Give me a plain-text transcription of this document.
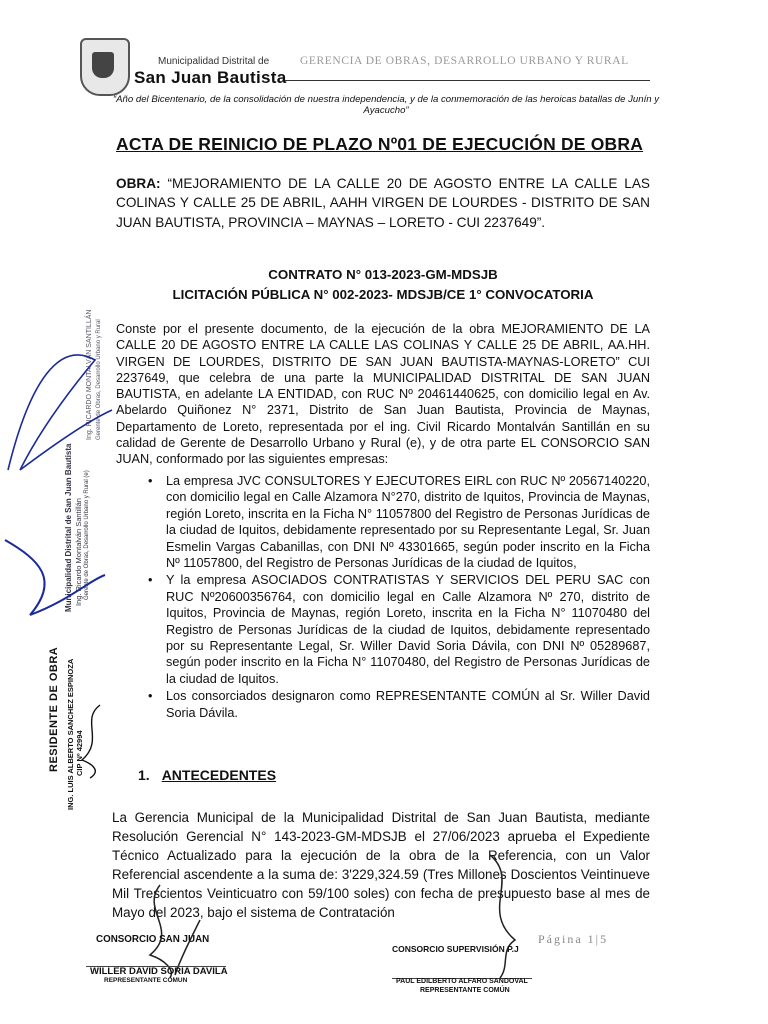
Municipalidad Distrital de
San Juan Bautista
GERENCIA DE OBRAS, DESARROLLO URBANO Y RURAL
“Año del Bicentenario, de la consolidación de nuestra independencia, y de la conmemoración de las heroicas batallas de Junín y Ayacucho”
ACTA DE REINICIO DE PLAZO Nº01 DE EJECUCIÓN DE OBRA
OBRA: “MEJORAMIENTO DE LA CALLE 20 DE AGOSTO ENTRE LA CALLE LAS COLINAS Y CALLE 25 DE ABRIL, AAHH VIRGEN DE LOURDES - DISTRITO DE SAN JUAN BAUTISTA, PROVINCIA – MAYNAS – LORETO - CUI 2237649”.
CONTRATO N° 013-2023-GM-MDSJB
LICITACIÓN PÚBLICA N° 002-2023- MDSJB/CE 1° CONVOCATORIA
Conste por el presente documento, de la ejecución de la obra MEJORAMIENTO DE LA CALLE 20 DE AGOSTO ENTRE LA CALLE LAS COLINAS Y CALLE 25 DE ABRIL, AA.HH. VIRGEN DE LOURDES, DISTRITO DE SAN JUAN BAUTISTA-MAYNAS-LORETO” CUI 2237649, que celebra de una parte la MUNICIPALIDAD DISTRITAL DE SAN JUAN BAUTISTA, en adelante LA ENTIDAD, con RUC Nº 20461440625, con domicilio legal en Av. Abelardo Quiñonez N° 2371, Distrito de San Juan Bautista, Provincia de Maynas, Departamento de Loreto, representada por el ing. Civil Ricardo Montalván Santillán en su calidad de Gerente de Desarrollo Urbano y Rural (e), y de otra parte EL CONSORCIO SAN JUAN, conformado por las siguientes empresas:
• La empresa JVC CONSULTORES Y EJECUTORES EIRL con RUC Nº 20567140220, con domicilio legal en Calle Alzamora N°270, distrito de Iquitos, Provincia de Maynas, región Loreto, inscrita en la Ficha N° 11057800 del Registro de Personas Jurídicas de la ciudad de Iquitos, debidamente representado por su Representante Legal, Sr. Juan Esmelin Vargas Cabanillas, con DNI Nº 43301665, según poder inscrito en la Ficha Nº 11057800, del Registro de Personas Jurídicas de la ciudad de Iquitos,
• Y la empresa ASOCIADOS CONTRATISTAS Y SERVICIOS DEL PERU SAC con RUC Nº20600356764, con domicilio legal en Calle Alzamora Nº 270, distrito de Iquitos, Provincia de Maynas, región Loreto, inscrita en la Ficha N° 11070480 del Registro de Personas Jurídicas de la ciudad de Iquitos, debidamente representado por su Representante Legal, Sr. Willer David Soria Dávila, con DNI Nº 05289687, según poder inscrito en la Ficha N° 11070480, del Registro de Personas Jurídicas de la ciudad de Iquitos.
• Los consorciados designaron como REPRESENTANTE COMÚN al Sr. Willer David Soria Dávila.
1. ANTECEDENTES
La Gerencia Municipal de la Municipalidad Distrital de San Juan Bautista, mediante Resolución Gerencial N° 143-2023-GM-MDSJB el 27/06/2023 aprueba el Expediente Técnico Actualizado para la ejecución de la obra de la Referencia, con un Valor Referencial ascendente a la suma de: 3'229,324.59 (Tres Millones Doscientos Veintinueve Mil Trescientos Veinticuatro con 59/100 soles) con fecha de presupuesto base al mes de Mayo del 2023, bajo el sistema de Contratación
RESIDENTE DE OBRA ING. LUIS ALBERTO SANCHEZ ESPINOZA CIP Nº 42994
Municipalidad Distrital de San Juan Bautista Ing. Ricardo Montalván Santillán Gerente de Obras, Desarrollo Urbano y Rural (e)
Ing. RICARDO MONTALVÁN SANTILLÁN Gerente de Obras, Desarrollo Urbano y Rural
CONSORCIO SAN JUAN
WILLER DAVID SORIA DAVILA
REPRESENTANTE COMUN
Página 1|5
CONSORCIO SUPERVISIÓN P.J
PAUL EDILBERTO ALFARO SANDOVAL
REPRESENTANTE COMÚN
